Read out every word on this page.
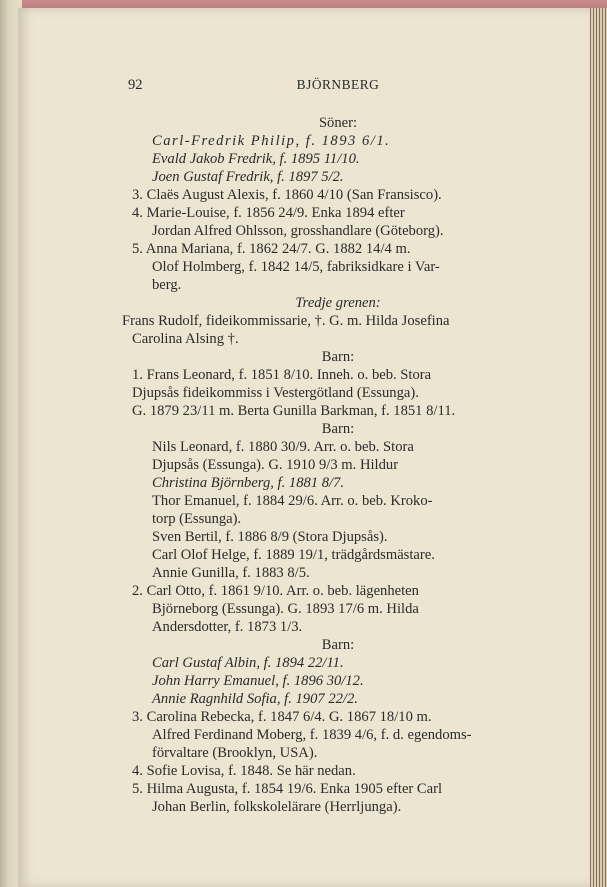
92	BJÖRNBERG
Söner:
Carl-Fredrik Philip, f. 1893 6/1.
Evald Jakob Fredrik, f. 1895 11/10.
Joen Gustaf Fredrik, f. 1897 5/2.
3. Claës August Alexis, f. 1860 4/10 (San Fransisco).
4. Marie-Louise, f. 1856 24/9. Enka 1894 efter
Jordan Alfred Ohlsson, grosshandlare (Göteborg).
5. Anna Mariana, f. 1862 24/7. G. 1882 14/4 m.
Olof Holmberg, f. 1842 14/5, fabriksidkare i Var-
berg.
Tredje grenen:
Frans Rudolf, fideikommissarie, †. G. m. Hilda Josefina
Carolina Alsing †.
Barn:
1. Frans Leonard, f. 1851 8/10. Inneh. o. beb. Stora
Djupsås fideikommiss i Vestergötland (Essunga).
G. 1879 23/11 m. Berta Gunilla Barkman, f. 1851 8/11.
Barn:
Nils Leonard, f. 1880 30/9. Arr. o. beb. Stora
Djupsås (Essunga). G. 1910 9/3 m. Hildur
Christina Björnberg, f. 1881 8/7.
Thor Emanuel, f. 1884 29/6. Arr. o. beb. Kroko-
torp (Essunga).
Sven Bertil, f. 1886 8/9 (Stora Djupsås).
Carl Olof Helge, f. 1889 19/1, trädgårdsmästare.
Annie Gunilla, f. 1883 8/5.
2. Carl Otto, f. 1861 9/10. Arr. o. beb. lägenheten
Björneborg (Essunga). G. 1893 17/6 m. Hilda
Andersdotter, f. 1873 1/3.
Barn:
Carl Gustaf Albin, f. 1894 22/11.
John Harry Emanuel, f. 1896 30/12.
Annie Ragnhild Sofia, f. 1907 22/2.
3. Carolina Rebecka, f. 1847 6/4. G. 1867 18/10 m.
Alfred Ferdinand Moberg, f. 1839 4/6, f. d. egendoms-
förvaltare (Brooklyn, USA).
4. Sofie Lovisa, f. 1848. Se här nedan.
5. Hilma Augusta, f. 1854 19/6. Enka 1905 efter Carl
Johan Berlin, folkskolelärare (Herrljunga).
